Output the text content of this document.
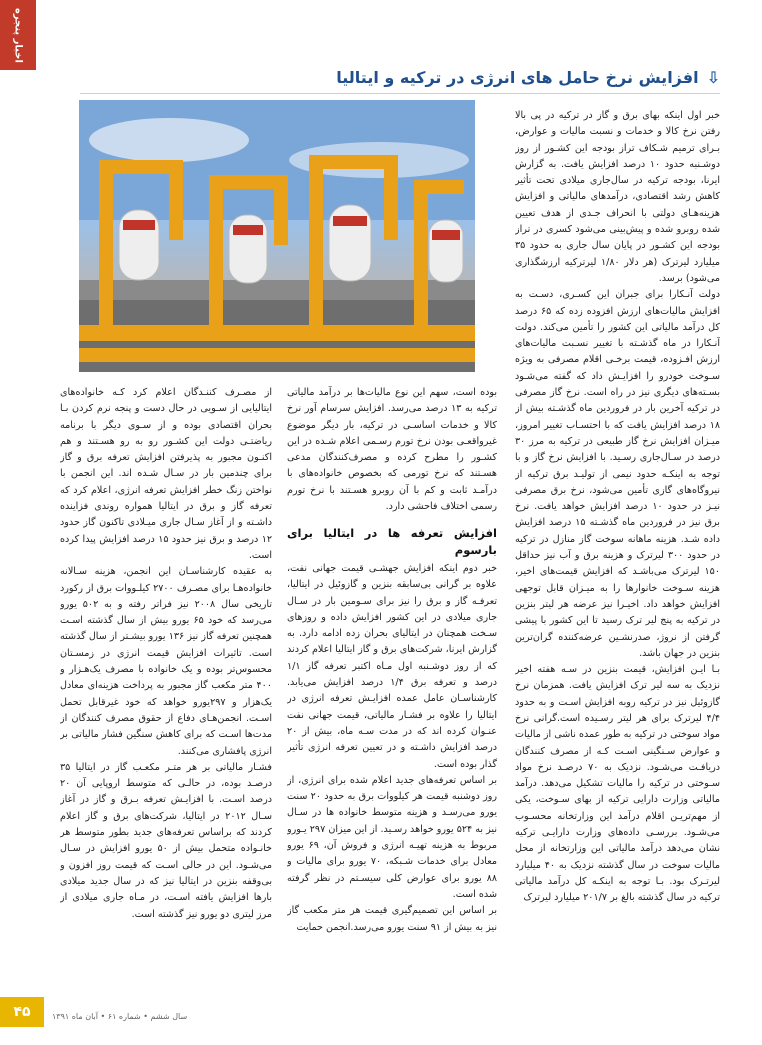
اخبار پنجره
⇩
افزایش نرخ حامل های انرژی در ترکیه و ایتالیا

خبر اول اینکه بهای برق و گاز در ترکیه در پی بالا رفتن نرخ کالا و خدمات و نسبت مالیات و عوارض، بـرای ترمیم شـکاف تراز بودجه این کشـور از روز دوشـنبه حدود ۱۰ درصد افزایش یافت. به گزارش ایرنا، بودجه ترکیه در سال‌جاری میلادی تحت تأثیر کاهش رشد اقتصادی، درآمدهای مالیاتی و افزایش هزینه‌هـای دولتی با انحراف جـدی از هدف تعیین شده روبرو شده و پیش‌بینی می‌شود کسری در تراز بودجه این کشـور در پایان سال جاری به حدود ۳۵ میلیارد لیرترک (هر دلار ۱/۸۰ لیرترکیه ارزشگذاری می‌شود) برسد.

دولت آنـکارا برای جبران این کسـری، دسـت به افزایش مالیات‌های ارزش افزوده زده که ۶۵ درصد کل درآمد مالیاتی این کشور را تأمین می‌کند. دولت آنـکارا در ماه گذشـته با تغییر نسـبت مالیات‌های ارزش افـزوده، قیمت برخـی اقلام مصرفی به ویژه سـوخت خودرو را افزایـش داد که گفته می‌شـود بسـته‌های دیگری نیز در راه است. نرخ گاز مصرفی در ترکیه آخرین بار در فروردین ماه گذشـته بیش از ۱۸ درصد افزایش یافت که با احتسـاب تغییر امروز، میـزان افزایش نرخ گاز طبیعی در ترکیه به مرز ۳۰ درصد در سـال‌جاری رسـید. با افزایش نرخ گاز و با توجه به اینکـه حدود نیمی از تولیـد برق ترکیه از نیروگاه‌های گازی تأمین می‌شود، نرخ برق مصرفی نیـز در حدود ۱۰ درصد افزایش خواهد یافت. نرخ برق نیز در فروردین ماه گذشـته ۱۵ درصد افزایش داده شـد. هزینه ماهانه سوخت گاز منازل در ترکیه در حدود ۳۰۰ لیرترک و هزینه برق و آب نیز حداقل ۱۵۰ لیرترک می‌باشـد که افزایش قیمت‌های اخیر، هزینه سـوخت خانوارها را به میـزان قابل توجهی افزایش خواهد داد. اخیـرا نیز عرضه هر لیتر بنزین در ترکیه به پنج لیر ترک رسید تا این کشور با پیشی گرفتن از نروژ، صدرنشـین عرضه‌کننده گران‌ترین بنزین در جهان باشد.

بـا ایـن افزایش، قیمت بنزین در سـه هفته اخیر نزدیک به سه لیر ترک افزایش یافت. همزمان نرخ گازوئیل نیز در ترکیه روبه افزایش اسـت و به حدود ۴/۴ لیرترک برای هر لیتر رسـیده است.گرانی نرخ مواد سوختی در ترکیه به طور عمده ناشی از مالیات و عوارض سـنگینی اسـت کـه از مصرف کنندگان دریافـت می‌شـود. نزدیک به ۷۰ درصـد نرخ مواد سـوختی در ترکیه را مالیات تشکیل می‌دهد. درآمد مالیاتی وزارت دارایی ترکیه از بهای سـوخت، یکی از مهم‌تریـن اقلام درآمد این وزارتخانه محسـوب می‌شـود. بررسـی داده‌های وزارت دارایـی ترکیه نشان می‌دهد درآمد مالیاتی این وزارتخانه از محل مالیات سوخت در سال گذشته نزدیک به ۴۰ میلیارد لیرتـرک بود. بـا توجه به اینکـه کل درآمد مالیاتی ترکیه در سال گذشته بالغ بر ۲۰۱/۷ میلیارد لیرترک

بوده است، سهم این نوع مالیات‌ها بر درآمد مالیاتی ترکیه به ۱۳ درصد می‌رسد. افزایش سرسام آور نرخ کالا و خدمات اساسـی در ترکیه، بار دیگر موضوع غیرواقعـی بودن نرخ تورم رسـمی اعلام شـده در این کشـور را مطرح کرده و مصرف‌کنندگان مدعی هسـتند که نرخ تورمی که بخصوص خانواده‌های با درآمـد ثابت و کم با آن روبرو هسـتند با نرخ تورم رسمی اختلاف فاحشی دارد.

افزایش تعرفه ها در ایتالیا برای بارسوم

خبر دوم اینکه افزایش جهشـی قیمت جهانی نفت، علاوه بر گرانی بی‌سابقه بنزین و گازوئیل در ایتالیا، تعرفـه گاز و برق را نیز برای سـومین بار در سـال جاری میلادی در این کشور افزایش داده و روزهای سـخت همچنان در ایتالیای بحران زده ادامه دارد. به گزارش ایرنا، شرکت‌های برق و گاز ایتالیا اعلام کردند که از روز دوشـنبه اول مـاه اکتبر تعرفه گاز ۱/۱ درصد و تعرفه برق ۱/۴ درصد افزایش می‌یابد. کارشناسـان عامل عمده افزایـش تعرفه انرژی در ایتالیا را علاوه بر فشـار مالیاتی، قیمت جهانی نفت عنـوان کرده اند که در مدت سـه ماه، بیش از ۲۰ درصد افزایش داشـته و در تعیین تعرفه انرژی تأثیر گذار بوده است.

بر اساس تعرفه‌های جدید اعلام شده برای انرژی، از روز دوشنبه قیمت هر کیلووات برق به حدود ۲۰ سنت یورو می‌رسـد و هزینه متوسط خانواده ها در سـال نیز به ۵۲۴ یورو خواهد رسـید. از این میزان ۲۹۷ یـورو مربوط به هزینه تهیـه انرژی و فروش آن، ۶۹ یورو معادل برای خدمات شـبکه، ۷۰ یورو برای مالیات و ۸۸ یورو برای عوارض کلی سیسـتم در نظر گرفته شده است.

بر اساس این تصمیم‌گیری قیمت هر متر مکعب گاز نیز به بیش از ۹۱ سنت یورو می‌رسد.انجمن حمایت

از مصـرف کننـدگان اعلام کرد کـه خانواده‌های ایتالیایی از سـویی در حال دست و پنجه نرم کردن بـا بحران اقتصادی بوده و از سـوی دیگر با برنامه ریاضتـی دولت این کشـور رو به رو هسـتند و هم اکنـون مجبور به پذیرفتن افزایش تعرفه برق و گاز برای چندمین بار در سـال شـده اند. این انجمن با نواختن زنگ خطر افزایش تعرفه انرژی، اعلام کرد که تعرفه گاز و برق در ایتالیا همواره روندی فزاینده داشـته و از آغاز سـال جاری میـلادی تاکنون گاز حدود ۱۲ درصد و برق نیز حدود ۱۵ درصد افزایش پیدا کرده است.

به عقیده کارشناسـان این انجمن، هزینه سـالانه خانواده‌هـا برای مصـرف ۲۷۰۰ کیلـووات برق از رکورد تاریخی سال ۲۰۰۸ نیز فراتر رفته و به ۵۰۲ یورو می‌رسد که خود ۶۵ یورو بیش از سال گذشته اسـت همچنین تعرفه گاز نیز ۱۳۶ یورو بیشـتر از سال گذشته است. تاثیرات افزایش قیمت انرژی در زمسـتان محسوس‌تر بوده و یک خانواده با مصرف یک‌هـزار و ۴۰۰ متر مکعب گاز مجبور به پرداخت هزینه‌ای معادل یک‌هزار و ۲۹۷یورو خواهد که خود غیرقابل تحمل اسـت. انجمن‌هـای دفاع از حقوق مصرف کنندگان از مدت‌ها اسـت که برای کاهش سنگین فشار مالیاتی بر انرژی پافشاری می‌کنند.

فشـار مالیاتی بر هر متـر مکعـب گاز در ایتالیا ۳۵ درصـد بوده، در حالـی که متوسط اروپایی آن ۲۰ درصد اسـت. با افزایـش تعرفه بـرق و گاز در آغاز سـال ۲۰۱۲ در ایتالیا، شرکت‌های برق و گاز اعلام کردند که براساس تعرفه‌های جدید بطور متوسط هر خانـواده متحمل بیش از ۵۰ یورو افزایش در سـال می‌شـود. این در حالی اسـت که قیمت روز افزون و بی‌وقفه بنزین در ایتالیا نیز که در سال جدید میلادی بارها افزایش یافته اسـت، در مـاه جاری میلادی از مرز لیتری دو یورو نیز گذشته است.

۴۵	سال ششم • شماره ۶۱ • آبان ماه ۱۳۹۱
